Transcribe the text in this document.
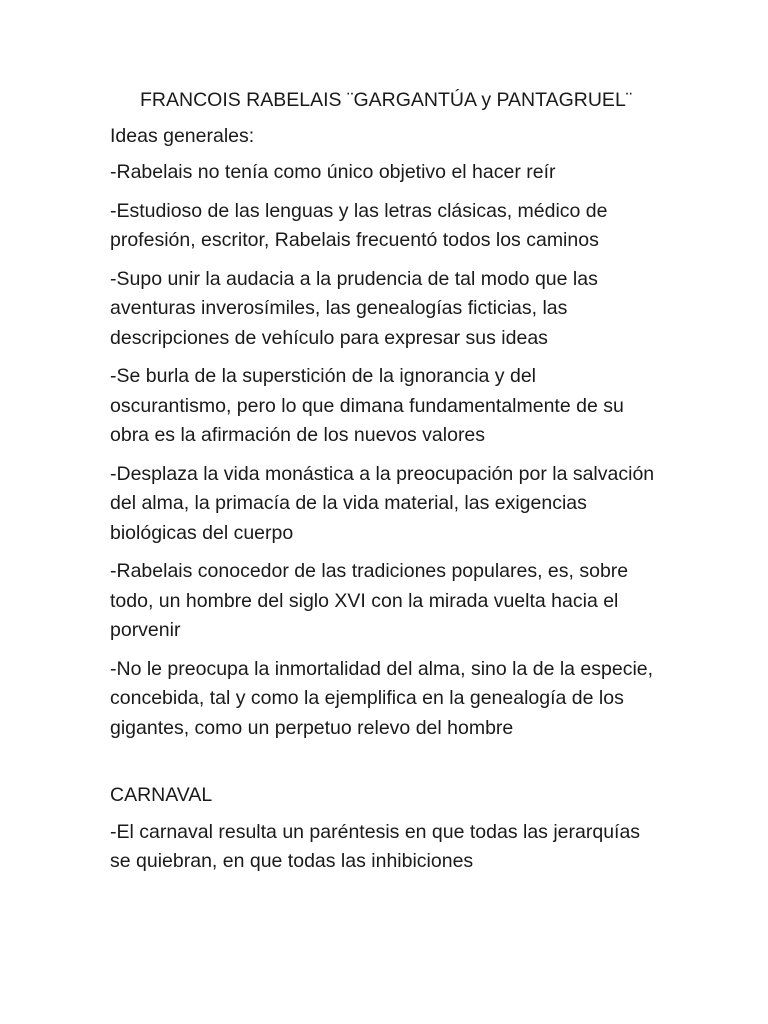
FRANCOIS RABELAIS ¨GARGANTÚA y PANTAGRUEL¨
Ideas generales:

-Rabelais no tenía como único objetivo el hacer reír

-Estudioso de las lenguas y las letras clásicas, médico de profesión, escritor, Rabelais frecuentó todos los caminos

-Supo unir la audacia a la prudencia de tal modo que las aventuras inverosímiles, las genealogías ficticias, las descripciones de vehículo para expresar sus ideas

-Se burla de la superstición de la ignorancia y del oscurantismo, pero lo que dimana fundamentalmente de su obra es la afirmación de los nuevos valores

-Desplaza la vida monástica a la preocupación por la salvación del alma, la primacía de la vida material, las exigencias biológicas del cuerpo

-Rabelais conocedor de las tradiciones populares, es, sobre todo, un hombre del siglo XVI con la mirada vuelta hacia el porvenir

-No le preocupa la inmortalidad del alma, sino la de la especie, concebida, tal y como la ejemplifica en la genealogía de los gigantes, como un perpetuo relevo del hombre

CARNAVAL

-El carnaval resulta un paréntesis en que todas las jerarquías se quiebran, en que todas las inhibiciones
